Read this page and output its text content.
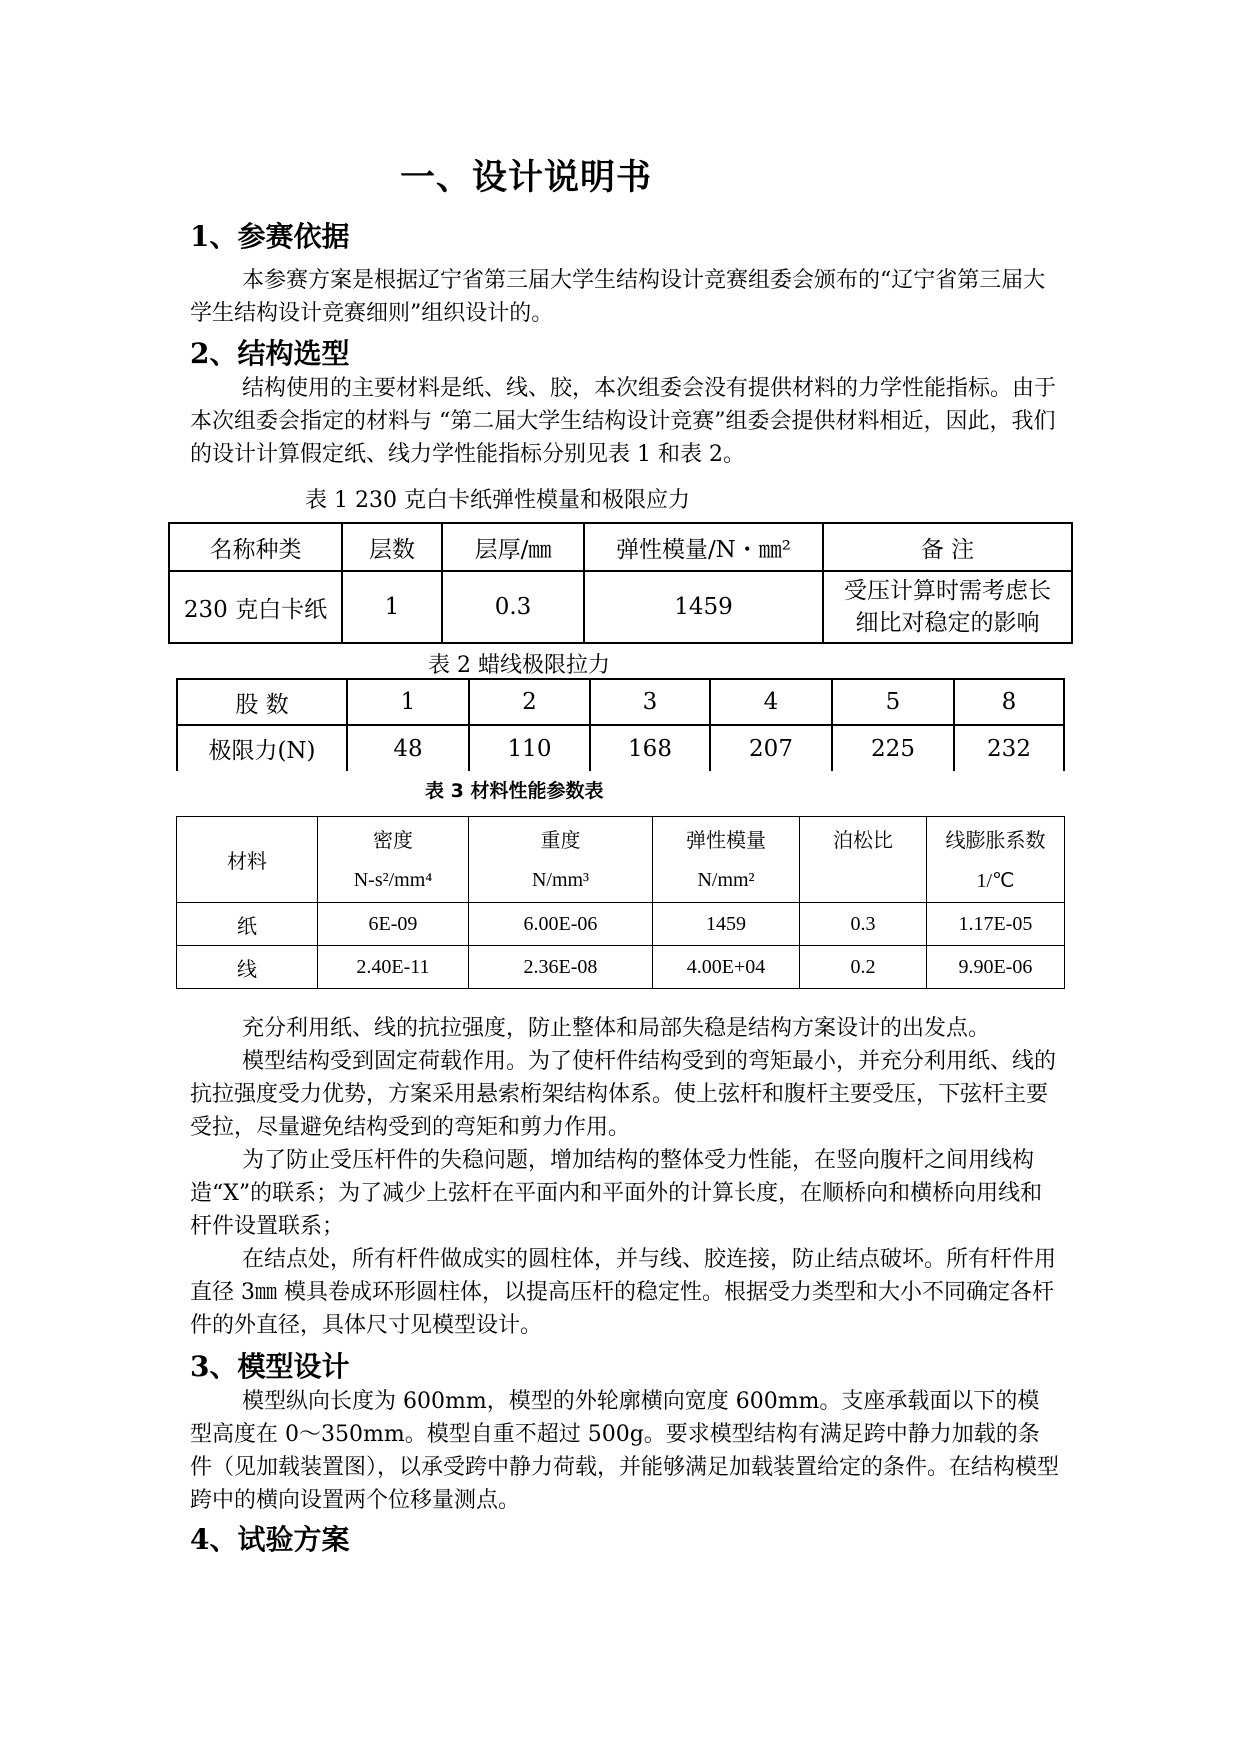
一、设计说明书
1、参赛依据

本参赛方案是根据辽宁省第三届大学生结构设计竞赛组委会颁布的“辽宁省第三届大学生结构设计竞赛细则”组织设计的。

2、结构选型

结构使用的主要材料是纸、线、胶，本次组委会没有提供材料的力学性能指标。由于本次组委会指定的材料与 “第二届大学生结构设计竞赛”组委会提供材料相近，因此，我们的设计计算假定纸、线力学性能指标分别见表 1 和表 2。

表 1 230 克白卡纸弹性模量和极限应力
名称种类	层数	层厚/㎜	弹性模量/N・㎜²	备 注
230 克白卡纸	1	0.3	1459	受压计算时需考虑长细比对稳定的影响
表 2 蜡线极限拉力
股 数	1	2	3	4	5	8
极限力(N)	48	110	168	207	225	232
表 3 材料性能参数表
材料	密度	重度	弹性模量	泊松比	线膨胀系数
	N-s²/mm⁴	N/mm³	N/mm²		1/℃
纸	6E-09	6.00E-06	1459	0.3	1.17E-05
线	2.40E-11	2.36E-08	4.00E+04	0.2	9.90E-06

充分利用纸、线的抗拉强度，防止整体和局部失稳是结构方案设计的出发点。

模型结构受到固定荷载作用。为了使杆件结构受到的弯矩最小，并充分利用纸、线的抗拉强度受力优势，方案采用悬索桁架结构体系。使上弦杆和腹杆主要受压，下弦杆主要受拉，尽量避免结构受到的弯矩和剪力作用。

为了防止受压杆件的失稳问题，增加结构的整体受力性能，在竖向腹杆之间用线构造“X”的联系；为了减少上弦杆在平面内和平面外的计算长度，在顺桥向和横桥向用线和杆件设置联系；

在结点处，所有杆件做成实的圆柱体，并与线、胶连接，防止结点破坏。所有杆件用直径 3㎜ 模具卷成环形圆柱体，以提高压杆的稳定性。根据受力类型和大小不同确定各杆件的外直径，具体尺寸见模型设计。

3、模型设计

模型纵向长度为 600mm，模型的外轮廓横向宽度 600mm。支座承载面以下的模型高度在 0～350mm。模型自重不超过 500g。要求模型结构有满足跨中静力加载的条件（见加载装置图），以承受跨中静力荷载，并能够满足加载装置给定的条件。在结构模型跨中的横向设置两个位移量测点。

4、试验方案
